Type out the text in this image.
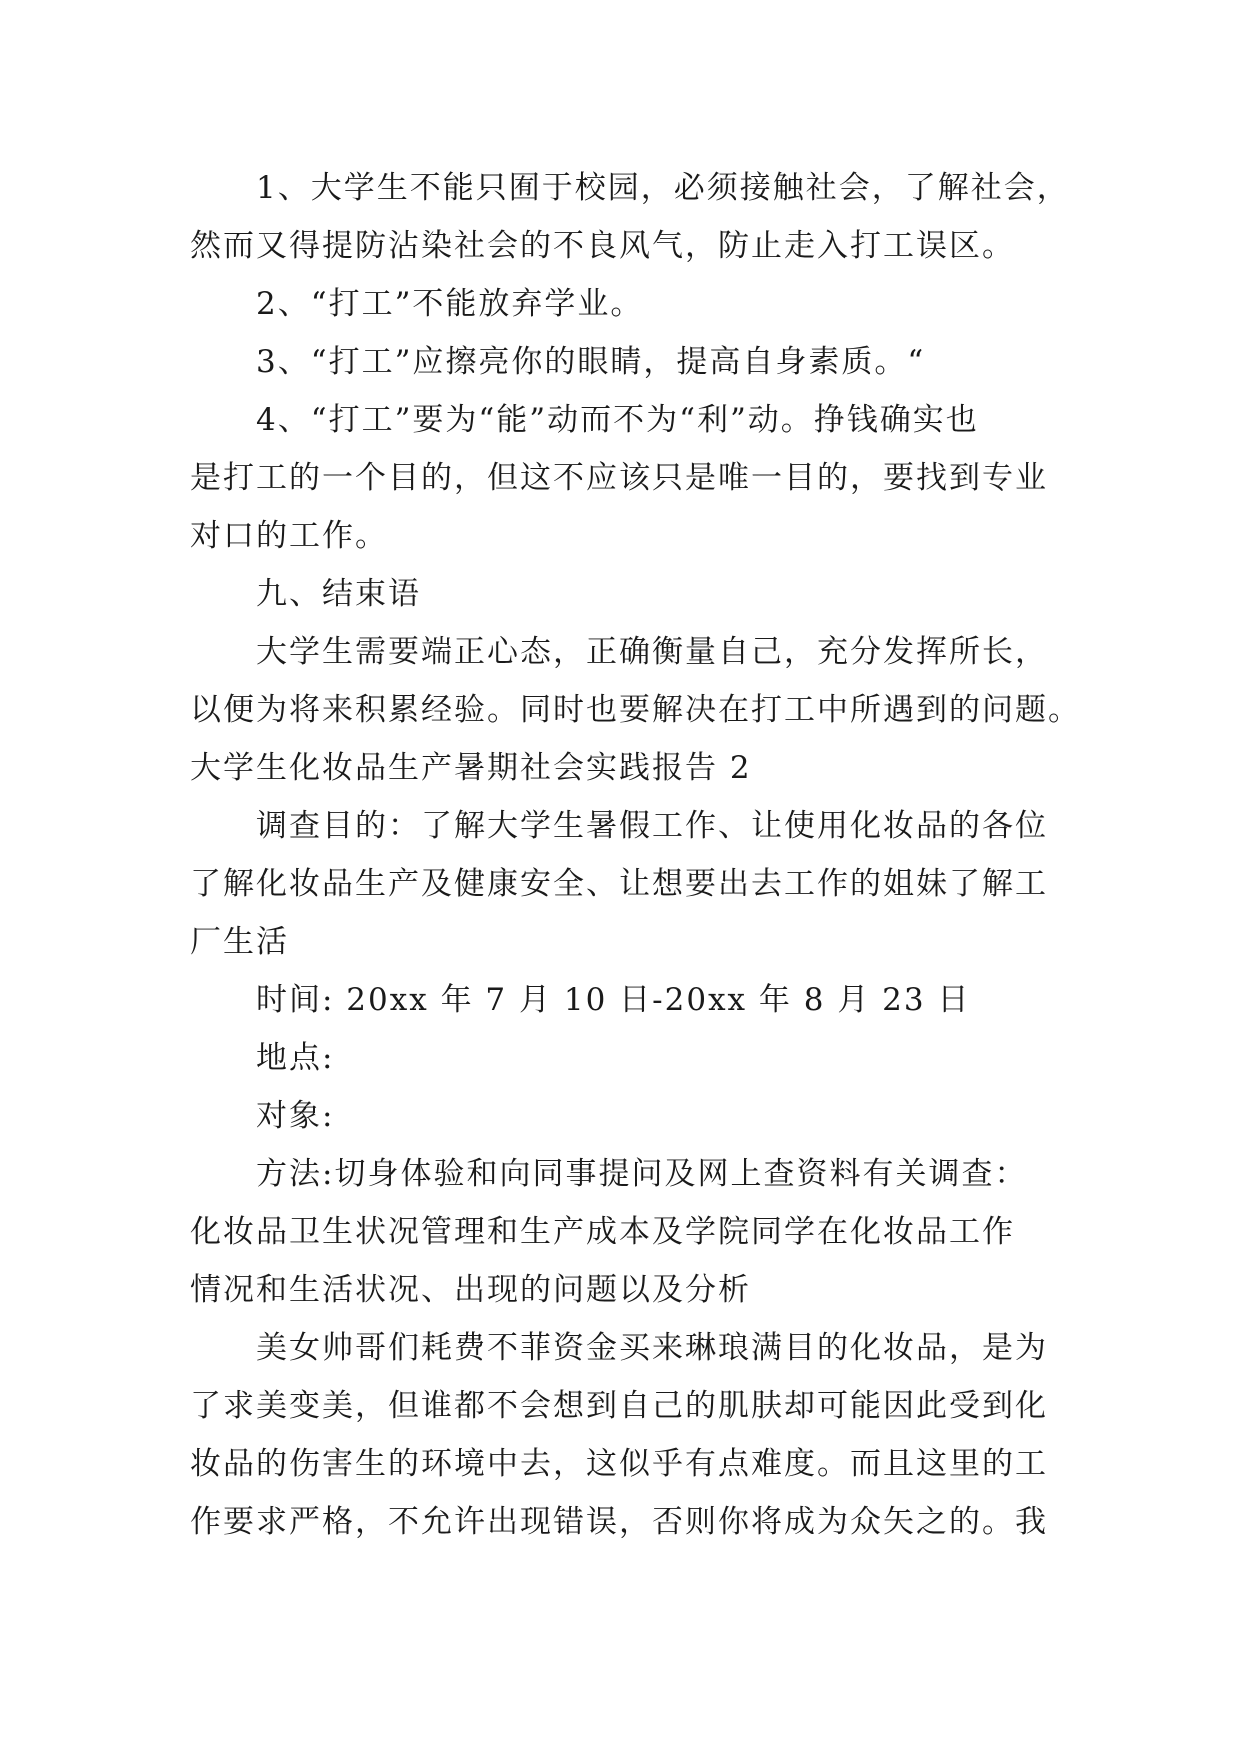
1、大学生不能只囿于校园，必须接触社会，了解社会，
然而又得提防沾染社会的不良风气，防止走入打工误区。
2、“打工”不能放弃学业。
3、“打工”应擦亮你的眼睛，提高自身素质。“
4、“打工”要为“能”动而不为“利”动。挣钱确实也
是打工的一个目的，但这不应该只是唯一目的，要找到专业
对口的工作。
九、结束语
大学生需要端正心态，正确衡量自己，充分发挥所长，
以便为将来积累经验。同时也要解决在打工中所遇到的问题。
大学生化妆品生产暑期社会实践报告 2
调查目的：了解大学生暑假工作、让使用化妆品的各位
了解化妆品生产及健康安全、让想要出去工作的姐妹了解工
厂生活
时间: 20xx 年 7 月 10 日-20xx 年 8 月 23 日
地点:
对象:
方法:切身体验和向同事提问及网上查资料有关调查：
化妆品卫生状况管理和生产成本及学院同学在化妆品工作
情况和生活状况、出现的问题以及分析
美女帅哥们耗费不菲资金买来琳琅满目的化妆品，是为
了求美变美，但谁都不会想到自己的肌肤却可能因此受到化
妆品的伤害生的环境中去，这似乎有点难度。而且这里的工
作要求严格，不允许出现错误，否则你将成为众矢之的。我
